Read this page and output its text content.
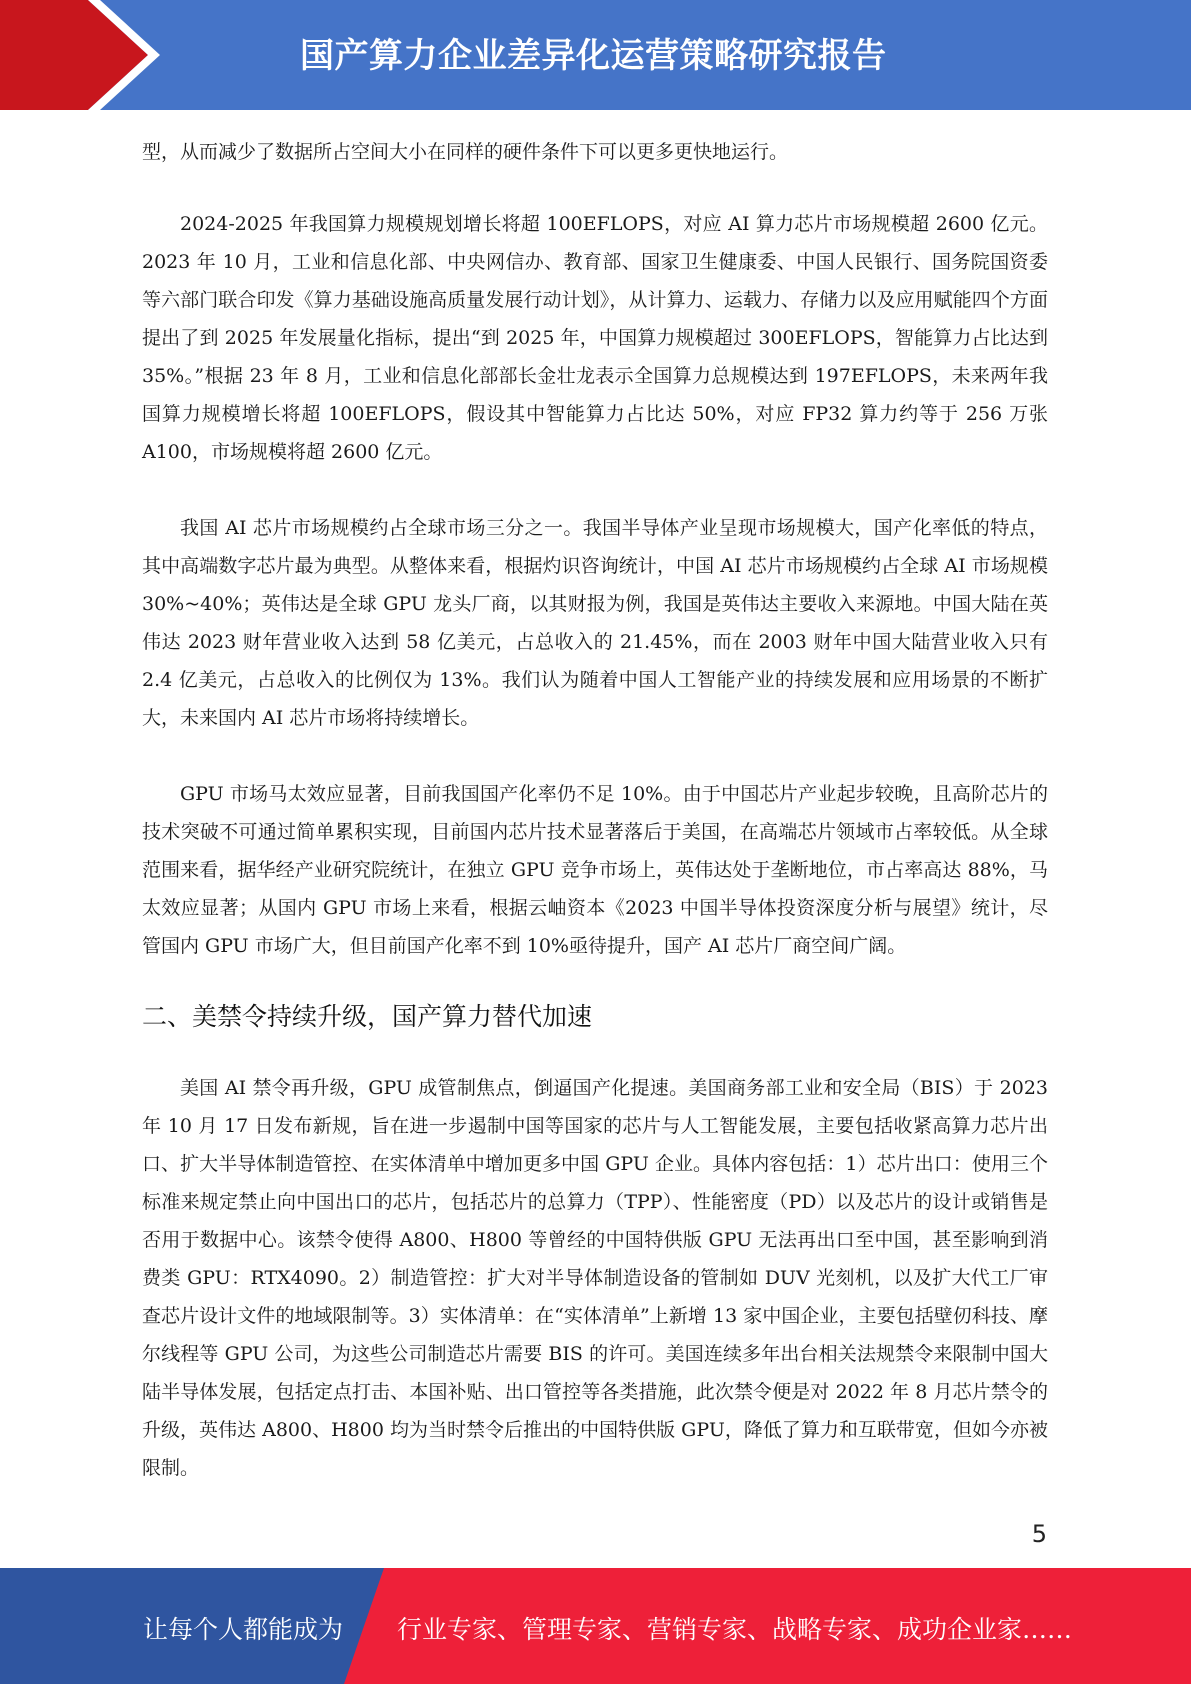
国产算力企业差异化运营策略研究报告

型，从而减少了数据所占空间大小在同样的硬件条件下可以更多更快地运行。

2024-2025 年我国算力规模规划增长将超 100EFLOPS，对应 AI 算力芯片市场规模超 2600 亿元。2023 年 10 月，工业和信息化部、中央网信办、教育部、国家卫生健康委、中国人民银行、国务院国资委等六部门联合印发《算力基础设施高质量发展行动计划》，从计算力、运载力、存储力以及应用赋能四个方面提出了到 2025 年发展量化指标，提出“到 2025 年，中国算力规模超过 300EFLOPS，智能算力占比达到 35%。”根据 23 年 8 月，工业和信息化部部长金壮龙表示全国算力总规模达到 197EFLOPS，未来两年我国算力规模增长将超 100EFLOPS，假设其中智能算力占比达 50%，对应 FP32 算力约等于 256 万张 A100，市场规模将超 2600 亿元。

我国 AI 芯片市场规模约占全球市场三分之一。我国半导体产业呈现市场规模大，国产化率低的特点，其中高端数字芯片最为典型。从整体来看，根据灼识咨询统计，中国 AI 芯片市场规模约占全球 AI 市场规模 30%~40%；英伟达是全球 GPU 龙头厂商，以其财报为例，我国是英伟达主要收入来源地。中国大陆在英伟达 2023 财年营业收入达到 58 亿美元，占总收入的 21.45%，而在 2003 财年中国大陆营业收入只有 2.4 亿美元，占总收入的比例仅为 13%。我们认为随着中国人工智能产业的持续发展和应用场景的不断扩大，未来国内 AI 芯片市场将持续增长。

GPU 市场马太效应显著，目前我国国产化率仍不足 10%。由于中国芯片产业起步较晚，且高阶芯片的技术突破不可通过简单累积实现，目前国内芯片技术显著落后于美国，在高端芯片领域市占率较低。从全球范围来看，据华经产业研究院统计，在独立 GPU 竞争市场上，英伟达处于垄断地位，市占率高达 88%，马太效应显著；从国内 GPU 市场上来看，根据云岫资本《2023 中国半导体投资深度分析与展望》统计，尽管国内 GPU 市场广大，但目前国产化率不到 10%亟待提升，国产 AI 芯片厂商空间广阔。

二、美禁令持续升级，国产算力替代加速

美国 AI 禁令再升级，GPU 成管制焦点，倒逼国产化提速。美国商务部工业和安全局（BIS）于 2023 年 10 月 17 日发布新规，旨在进一步遏制中国等国家的芯片与人工智能发展，主要包括收紧高算力芯片出口、扩大半导体制造管控、在实体清单中增加更多中国 GPU 企业。具体内容包括：1）芯片出口：使用三个标准来规定禁止向中国出口的芯片，包括芯片的总算力（TPP）、性能密度（PD）以及芯片的设计或销售是否用于数据中心。该禁令使得 A800、H800 等曾经的中国特供版 GPU 无法再出口至中国，甚至影响到消费类 GPU：RTX4090。2）制造管控：扩大对半导体制造设备的管制如 DUV 光刻机，以及扩大代工厂审查芯片设计文件的地域限制等。3）实体清单：在“实体清单”上新增 13 家中国企业，主要包括壁仞科技、摩尔线程等 GPU 公司，为这些公司制造芯片需要 BIS 的许可。美国连续多年出台相关法规禁令来限制中国大陆半导体发展，包括定点打击、本国补贴、出口管控等各类措施，此次禁令便是对 2022 年 8 月芯片禁令的升级，英伟达 A800、H800 均为当时禁令后推出的中国特供版 GPU，降低了算力和互联带宽，但如今亦被限制。

5
让每个人都能成为 行业专家、管理专家、营销专家、战略专家、成功企业家……
